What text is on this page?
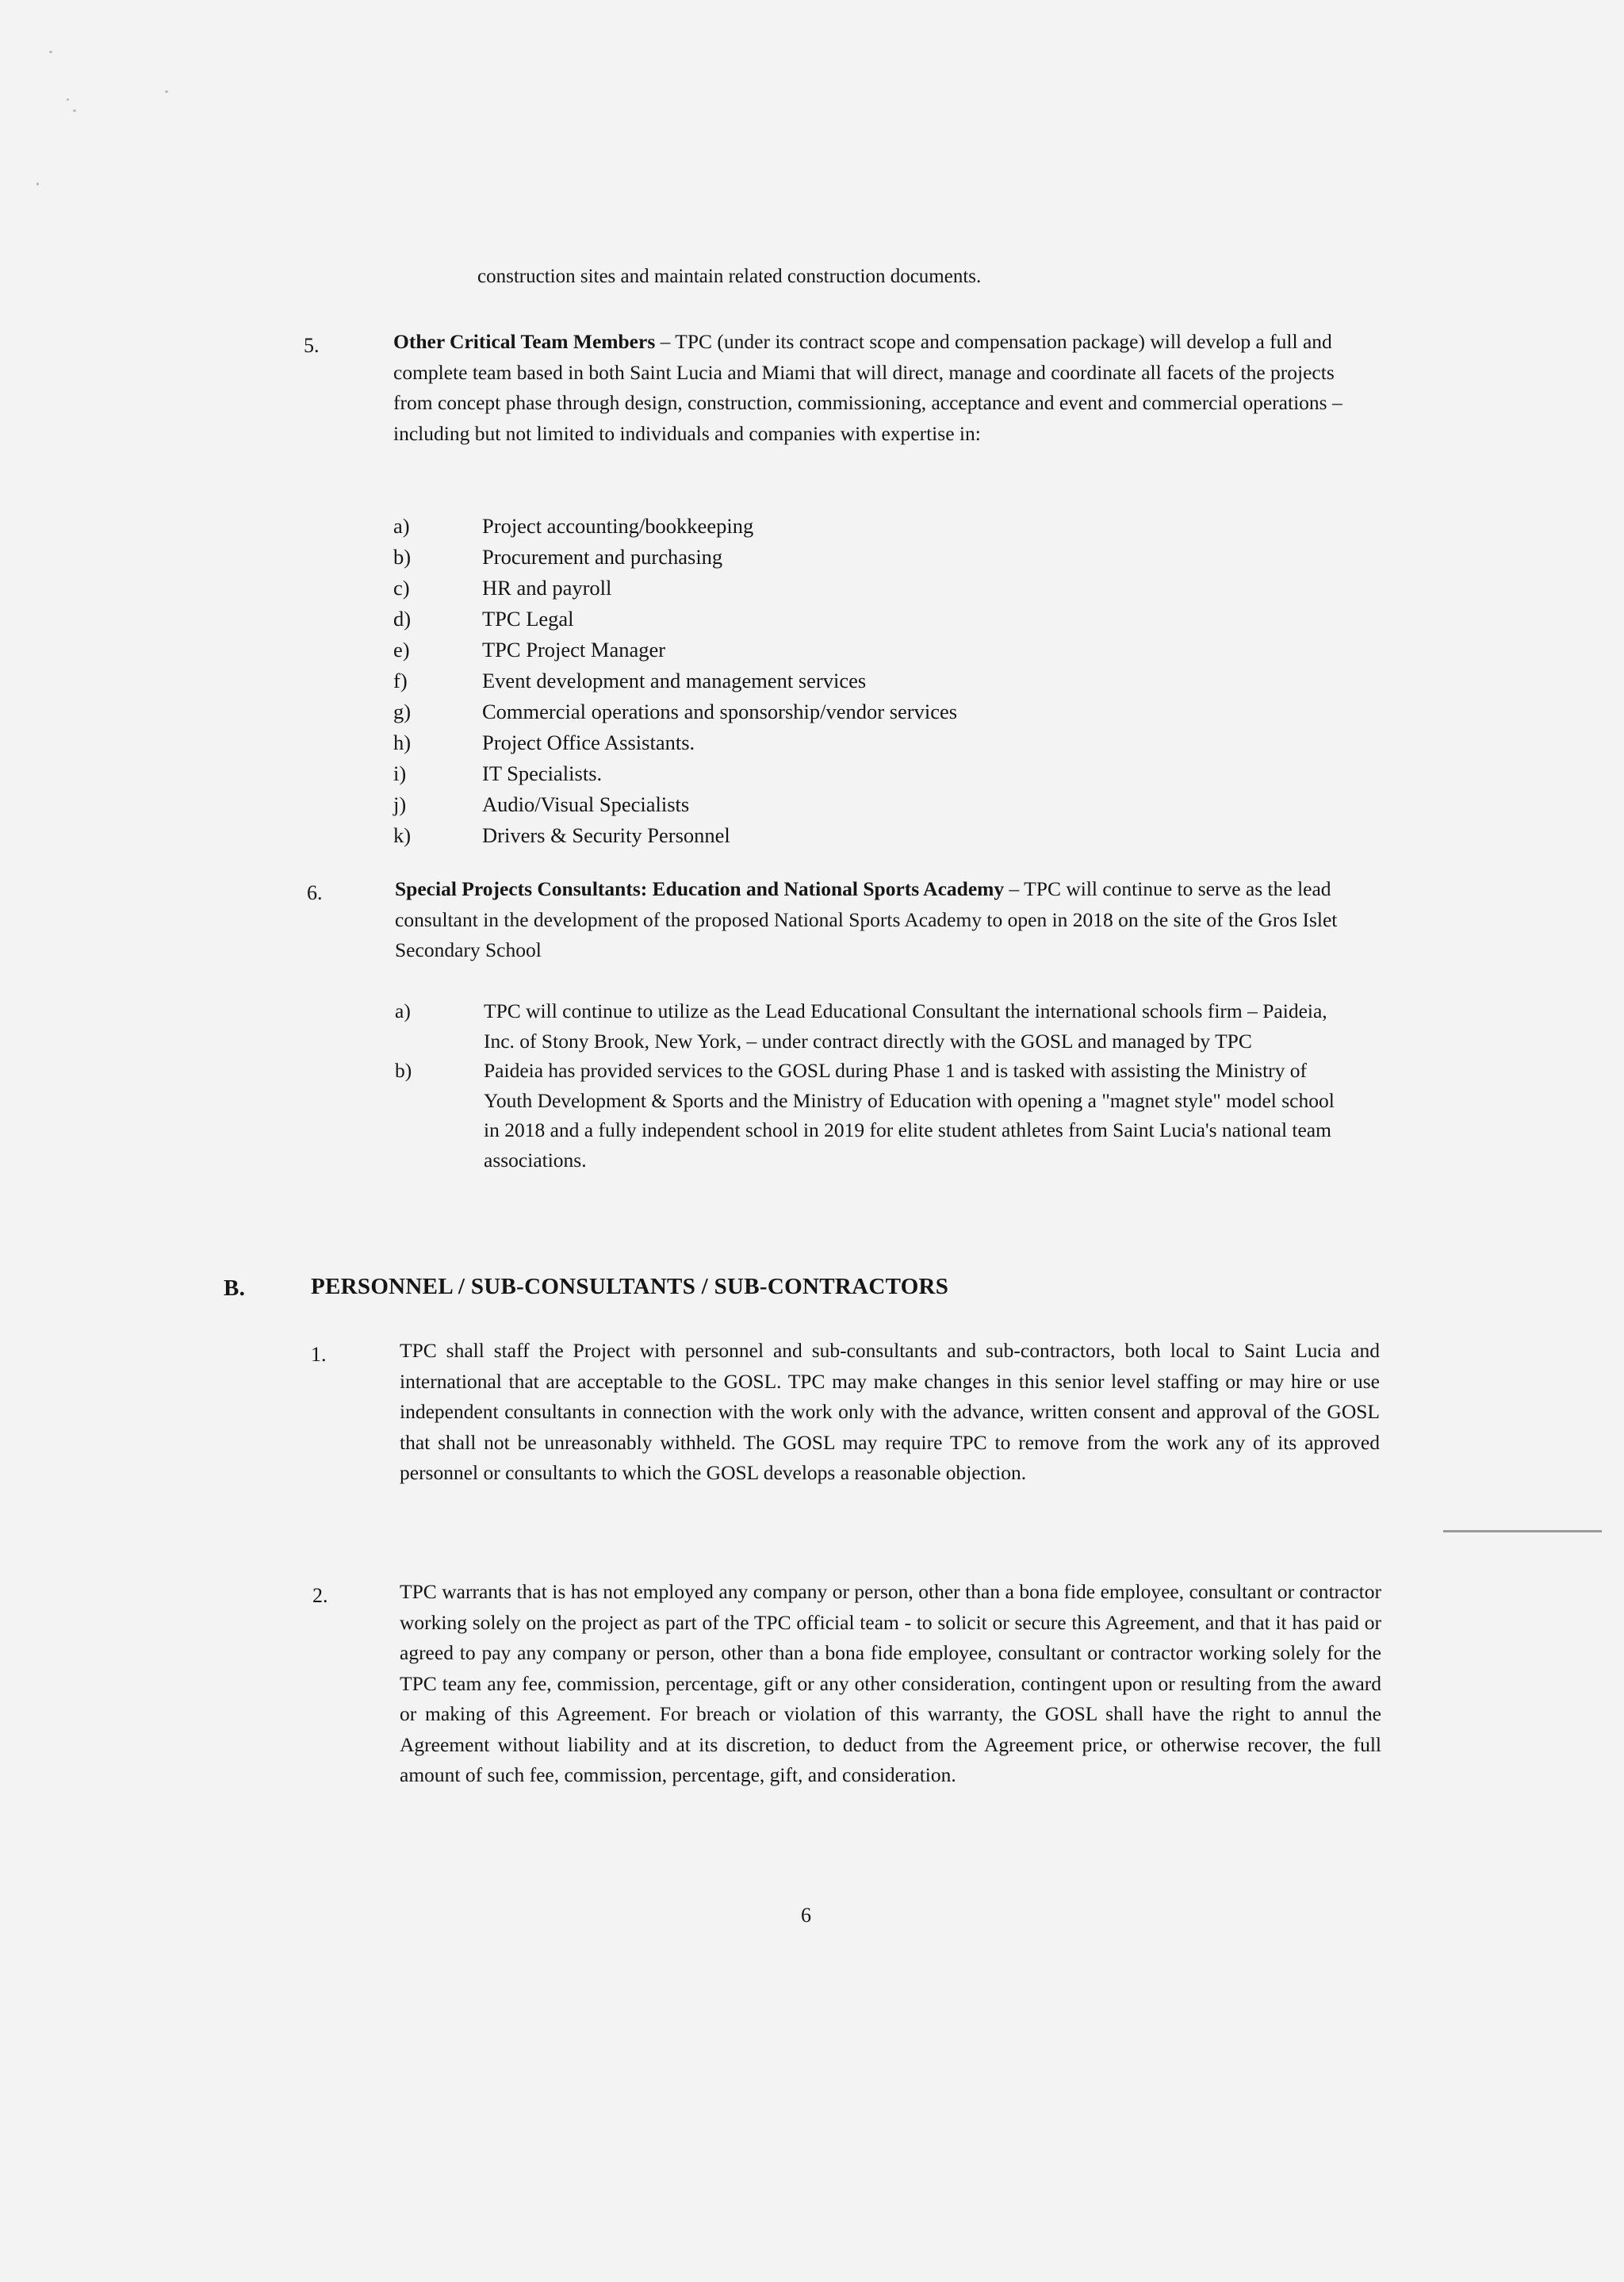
construction sites and maintain related construction documents.
5.	Other Critical Team Members – TPC (under its contract scope and compensation package) will develop a full and complete team based in both Saint Lucia and Miami that will direct, manage and coordinate all facets of the projects from concept phase through design, construction, commissioning, acceptance and event and commercial operations – including but not limited to individuals and companies with expertise in:
a)	Project accounting/bookkeeping
b)	Procurement and purchasing
c)	HR and payroll
d)	TPC Legal
e)	TPC Project Manager
f)	Event development and management services
g)	Commercial operations and sponsorship/vendor services
h)	Project Office Assistants.
i)	IT Specialists.
j)	Audio/Visual Specialists
k)	Drivers & Security Personnel
6.	Special Projects Consultants: Education and National Sports Academy – TPC will continue to serve as the lead consultant in the development of the proposed National Sports Academy to open in 2018 on the site of the Gros Islet Secondary School
a)	TPC will continue to utilize as the Lead Educational Consultant the international schools firm – Paideia, Inc. of Stony Brook, New York, – under contract directly with the GOSL and managed by TPC
b)	Paideia has provided services to the GOSL during Phase 1 and is tasked with assisting the Ministry of Youth Development & Sports and the Ministry of Education with opening a "magnet style" model school in 2018 and a fully independent school in 2019 for elite student athletes from Saint Lucia's national team associations.
B.	PERSONNEL / SUB-CONSULTANTS / SUB-CONTRACTORS
1.	TPC shall staff the Project with personnel and sub-consultants and sub-contractors, both local to Saint Lucia and international that are acceptable to the GOSL. TPC may make changes in this senior level staffing or may hire or use independent consultants in connection with the work only with the advance, written consent and approval of the GOSL that shall not be unreasonably withheld. The GOSL may require TPC to remove from the work any of its approved personnel or consultants to which the GOSL develops a reasonable objection.
2.	TPC warrants that is has not employed any company or person, other than a bona fide employee, consultant or contractor working solely on the project as part of the TPC official team - to solicit or secure this Agreement, and that it has paid or agreed to pay any company or person, other than a bona fide employee, consultant or contractor working solely for the TPC team any fee, commission, percentage, gift or any other consideration, contingent upon or resulting from the award or making of this Agreement. For breach or violation of this warranty, the GOSL shall have the right to annul the Agreement without liability and at its discretion, to deduct from the Agreement price, or otherwise recover, the full amount of such fee, commission, percentage, gift, and consideration.
6
